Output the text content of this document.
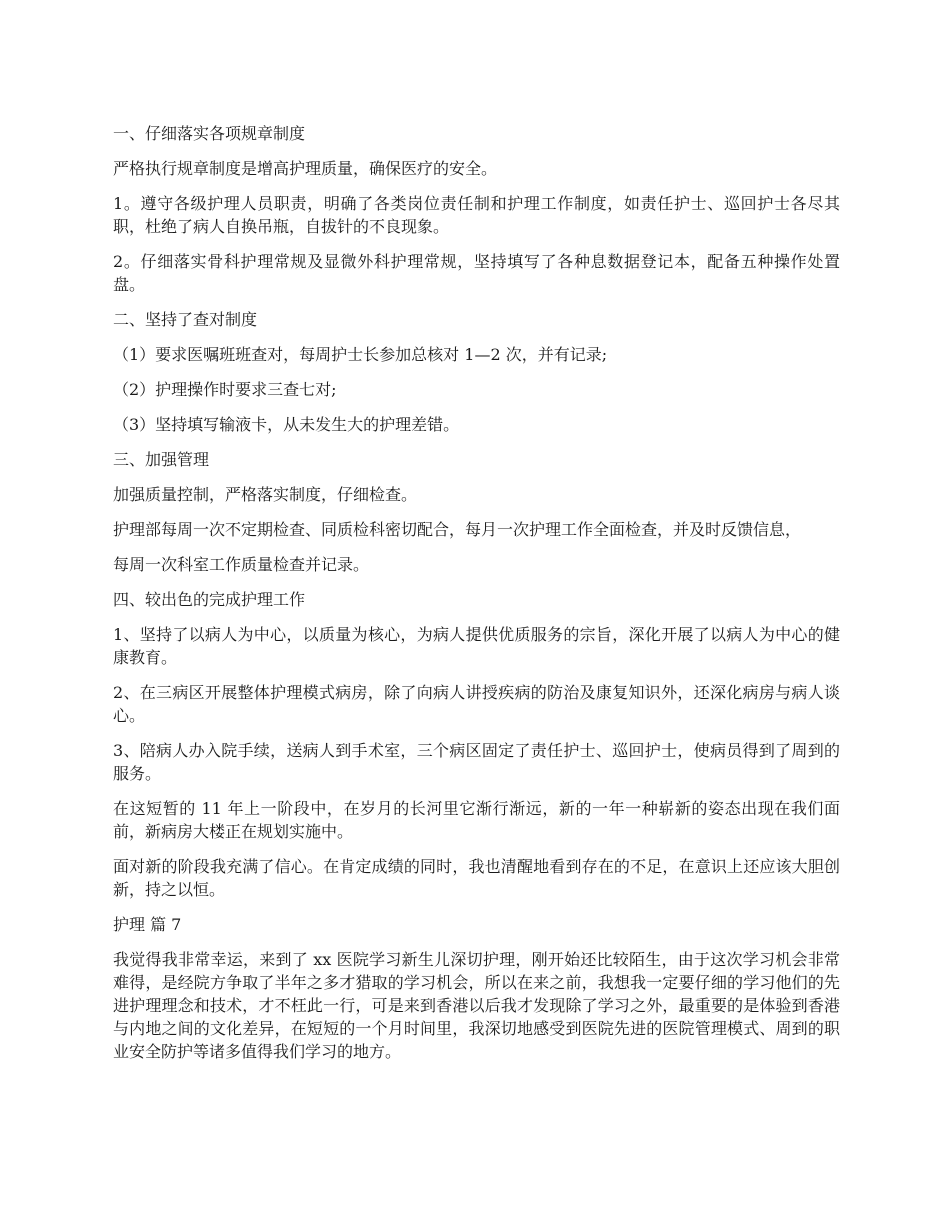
一、仔细落实各项规章制度

严格执行规章制度是增高护理质量，确保医疗的安全。

1。遵守各级护理人员职责，明确了各类岗位责任制和护理工作制度，如责任护士、巡回护士各尽其职，杜绝了病人自换吊瓶，自拔针的不良现象。

2。仔细落实骨科护理常规及显微外科护理常规，坚持填写了各种息数据登记本，配备五种操作处置盘。

二、坚持了查对制度

（1）要求医嘱班班查对，每周护士长参加总核对 1—2 次，并有记录;

（2）护理操作时要求三查七对;

（3）坚持填写输液卡，从未发生大的护理差错。

三、加强管理

加强质量控制，严格落实制度，仔细检查。

护理部每周一次不定期检查、同质检科密切配合，每月一次护理工作全面检查，并及时反馈信息，

每周一次科室工作质量检查并记录。

四、较出色的完成护理工作

1、坚持了以病人为中心，以质量为核心，为病人提供优质服务的宗旨，深化开展了以病人为中心的健康教育。

2、在三病区开展整体护理模式病房，除了向病人讲授疾病的防治及康复知识外，还深化病房与病人谈心。

3、陪病人办入院手续，送病人到手术室，三个病区固定了责任护士、巡回护士，使病员得到了周到的服务。

在这短暂的 11 年上一阶段中，在岁月的长河里它渐行渐远，新的一年一种崭新的姿态出现在我们面前，新病房大楼正在规划实施中。

面对新的阶段我充满了信心。在肯定成绩的同时，我也清醒地看到存在的不足，在意识上还应该大胆创新，持之以恒。

护理 篇 7

我觉得我非常幸运，来到了 xx 医院学习新生儿深切护理，刚开始还比较陌生，由于这次学习机会非常难得，是经院方争取了半年之多才猎取的学习机会，所以在来之前，我想我一定要仔细的学习他们的先进护理理念和技术，才不枉此一行，可是来到香港以后我才发现除了学习之外，最重要的是体验到香港与内地之间的文化差异，在短短的一个月时间里，我深切地感受到医院先进的医院管理模式、周到的职业安全防护等诸多值得我们学习的地方。
